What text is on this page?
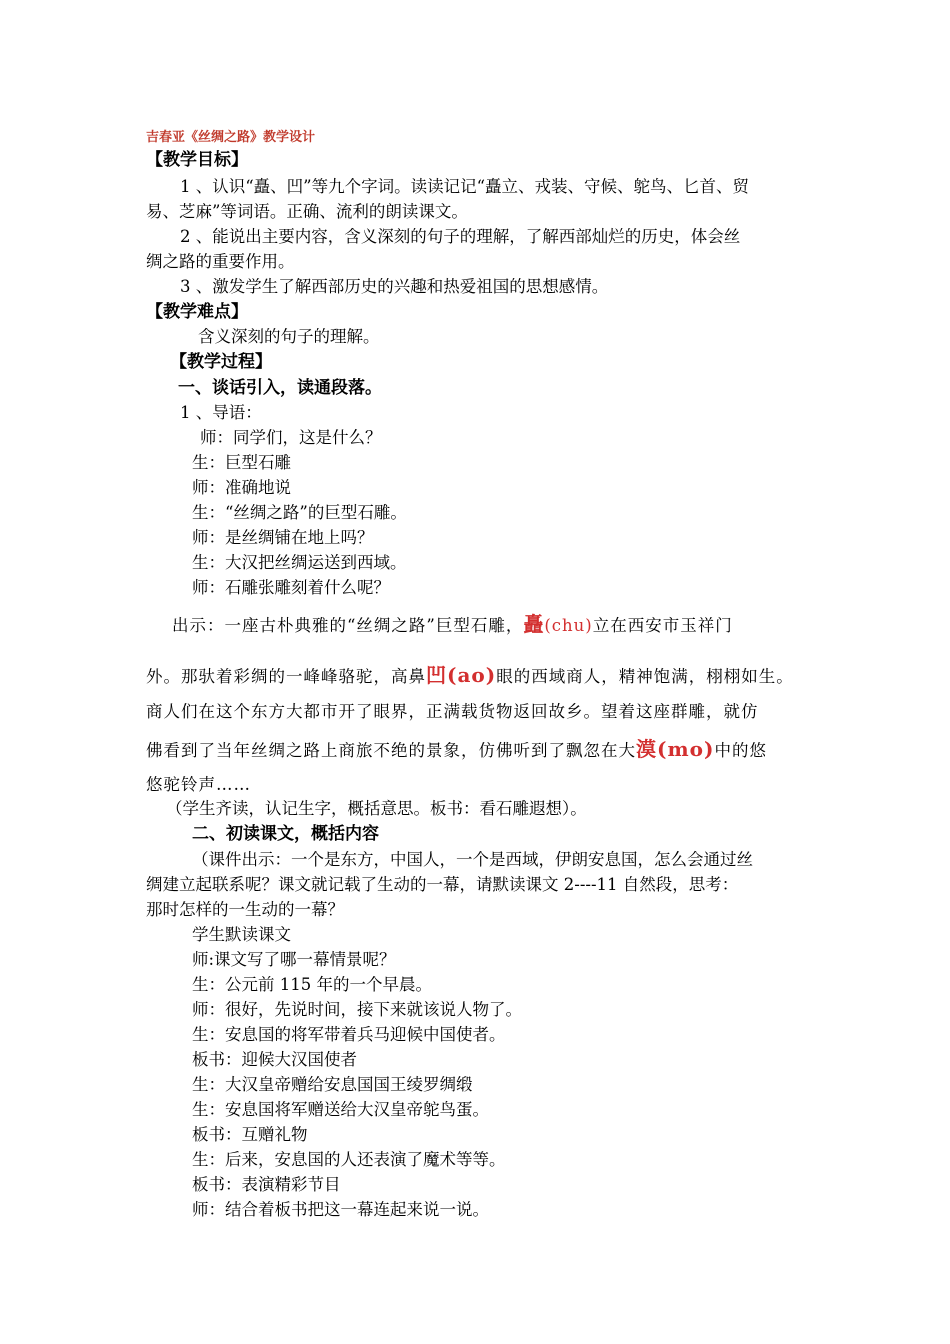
吉春亚《丝绸之路》教学设计
【教学目标】
1 、认识“矗、凹”等九个字词。读读记记“矗立、戎装、守候、鸵鸟、匕首、贸
易、芝麻”等词语。正确、流利的朗读课文。
2 、能说出主要内容，含义深刻的句子的理解，了解西部灿烂的历史，体会丝
绸之路的重要作用。
3 、激发学生了解西部历史的兴趣和热爱祖国的思想感情。
【教学难点】
含义深刻的句子的理解。
【教学过程】
一、谈话引入，读通段落。
1 、导语：
师：同学们，这是什么？
生：巨型石雕
师：准确地说
生：“丝绸之路”的巨型石雕。
师：是丝绸铺在地上吗？
生：大汉把丝绸运送到西域。
师：石雕张雕刻着什么呢？
出示：一座古朴典雅的“丝绸之路”巨型石雕，矗(chu)立在西安市玉祥门
外。那驮着彩绸的一峰峰骆驼，高鼻凹(ao)眼的西域商人，精神饱满，栩栩如生。
商人们在这个东方大都市开了眼界，正满载货物返回故乡。望着这座群雕，就仿
佛看到了当年丝绸之路上商旅不绝的景象，仿佛听到了飘忽在大漠(mo)中的悠
悠驼铃声……
（学生齐读，认记生字，概括意思。板书：看石雕遐想）。
二、初读课文，概括内容
（课件出示：一个是东方，中国人，一个是西域，伊朗安息国，怎么会通过丝
绸建立起联系呢？课文就记载了生动的一幕，请默读课文 2----11 自然段，思考：
那时怎样的一生动的一幕？
学生默读课文
师:课文写了哪一幕情景呢？
生：公元前 115 年的一个早晨。
师：很好，先说时间，接下来就该说人物了。
生：安息国的将军带着兵马迎候中国使者。
板书：迎候大汉国使者
生：大汉皇帝赠给安息国国王绫罗绸缎
生：安息国将军赠送给大汉皇帝鸵鸟蛋。
板书：互赠礼物
生：后来，安息国的人还表演了魔术等等。
板书：表演精彩节目
师：结合着板书把这一幕连起来说一说。
